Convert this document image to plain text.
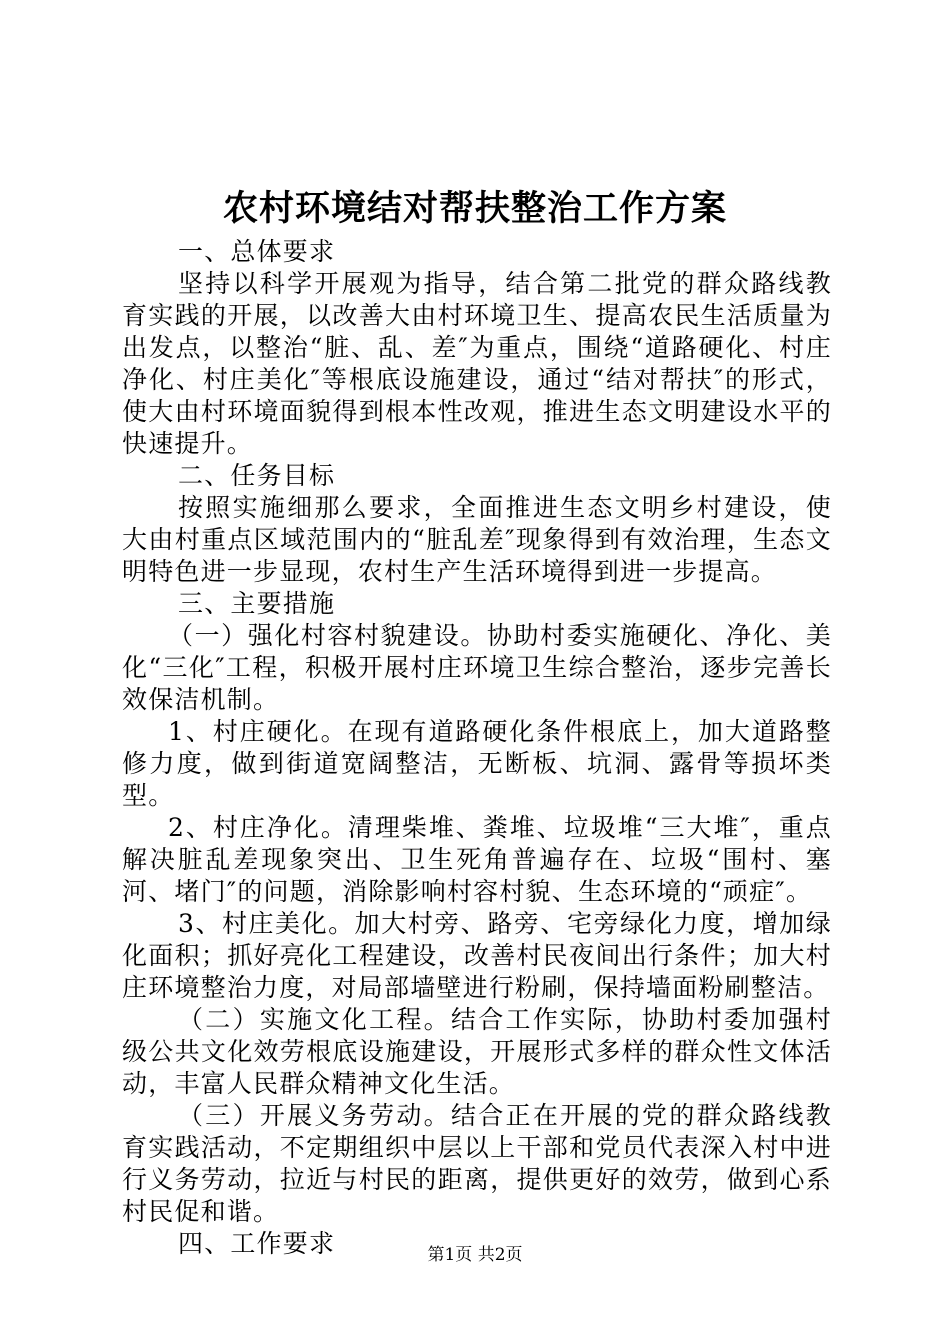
农村环境结对帮扶整治工作方案

一、总体要求

坚持以科学开展观为指导，结合第二批党的群众路线教育实践的开展，以改善大由村环境卫生、提高农民生活质量为出发点，以整治“脏、乱、差″为重点，围绕“道路硬化、村庄净化、村庄美化″等根底设施建设，通过“结对帮扶″的形式，使大由村环境面貌得到根本性改观，推进生态文明建设水平的快速提升。

二、任务目标

按照实施细那么要求，全面推进生态文明乡村建设，使大由村重点区域范围内的“脏乱差″现象得到有效治理，生态文明特色进一步显现，农村生产生活环境得到进一步提高。

三、主要措施

（一）强化村容村貌建设。协助村委实施硬化、净化、美化“三化″工程，积极开展村庄环境卫生综合整治，逐步完善长效保洁机制。

1、村庄硬化。在现有道路硬化条件根底上，加大道路整修力度，做到街道宽阔整洁，无断板、坑洞、露骨等损坏类型。

2、村庄净化。清理柴堆、粪堆、垃圾堆“三大堆″，重点解决脏乱差现象突出、卫生死角普遍存在、垃圾“围村、塞河、堵门″的问题，消除影响村容村貌、生态环境的“顽症″。

3、村庄美化。加大村旁、路旁、宅旁绿化力度，增加绿化面积；抓好亮化工程建设，改善村民夜间出行条件；加大村庄环境整治力度，对局部墙壁进行粉刷，保持墙面粉刷整洁。

（二）实施文化工程。结合工作实际，协助村委加强村级公共文化效劳根底设施建设，开展形式多样的群众性文体活动，丰富人民群众精神文化生活。

（三）开展义务劳动。结合正在开展的党的群众路线教育实践活动，不定期组织中层以上干部和党员代表深入村中进行义务劳动，拉近与村民的距离，提供更好的效劳，做到心系村民促和谐。

四、工作要求	第1页 共2页
